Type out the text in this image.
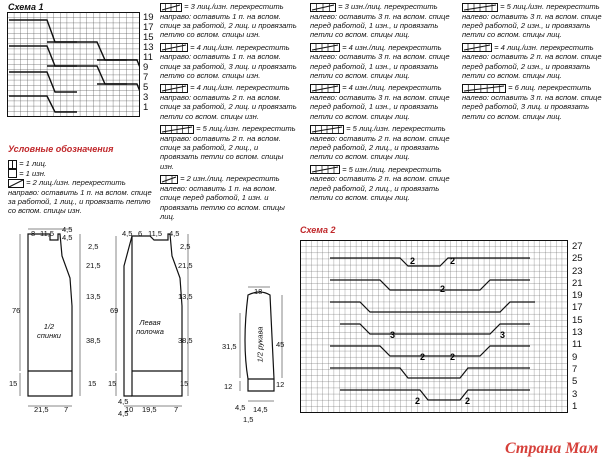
Схема 1
19
17
15
13
11
9
7
5
3
1
Условные обозначения
= 1 лиц.
= 1 изн.
= 2 лиц./изн. перекрестить направо: оставить 1 п. на вспом. спице за работой, 1 лиц., и провязать петлю со вспом. спицы изн.
= 3 лиц./изн. перекрестить направо: оставить 1 п. на вспом. спице за работой, 2 лиц. и провязать петлю со вспом. спицы изн.
= 4 лиц./изн. перекрестить направо: оставить 1 п. на вспом. спице за работой, 3 лиц. и провязать петлю со вспом. спицы изн.
= 4 лиц./изн. перекрестить направо: оставить 2 п. на вспом. спице за работой, 2 лиц. и провязать петли со вспом. спицы изн.
= 5 лиц./изн. перекрестить направо: оставить 2 п. на вспом. спице за работой, 2 лиц., и провязать петли со вспом. спицы изн.
= 2 изн./лиц. перекрестить налево: оставить 1 п. на вспом. спице перед работой, 1 изн. и провязать петлю со вспом. спицы лиц.
= 3 изн./лиц. перекрестить налево: оставить 3 п. на вспом. спице перед работой, 1 изн., и провязать петли со вспом. спицы лиц.
= 4 изн./лиц. перекрестить налево: оставить 3 п. на вспом. спице перед работой, 1 изн., и провязать петли со вспом. спицы лиц.
= 4 изн./лиц. перекрестить налево: оставить 3 п. на вспом. спице перед работой, 1 изн., и провязать петли со вспом. спицы лиц.
= 5 лиц./изн. перекрестить налево: оставить 2 п. на вспом. спице перед работой, 2 лиц., и провязать петли со вспом. спицы лиц.
= 5 изн./лиц. перекрестить налево: оставить 2 п. на вспом. спице перед работой, 2 лиц., и провязать петли со вспом. спицы лиц.
= 5 лиц./изн. перекрестить налево: оставить 3 п. на вспом. спице перед работой, 2 изн., и провязать петли со вспом. спицы лиц.
= 4 лиц./изн. перекрестить налево: оставить 2 п. на вспом. спице перед работой, 2 изн., и провязать петли со вспом. спицы лиц.
= 6 лиц. перекрестить налево: оставить 3 п. на вспом. спице перед работой, 3 лиц. и провязать петли со вспом. спицы лиц.
76
15
8 11,5 4,5
4,5
2,5
21,5
13,5
38,5
15
21,5 7
1/2 спинки
69
15
4,5 6 11,5 4,5
2,5
21,5
13,5
38,5
15
10 19,5 7
4,5
4,5
Левая полочка
18
45
12
31,5
12
14,5
1,5
4,5
1/2 рукава
Схема 2
2	2
2
3	3
2	2
2	2
27
25
23
21
19
17
15
13
11
9
7
5
3
1
Страна Мам
